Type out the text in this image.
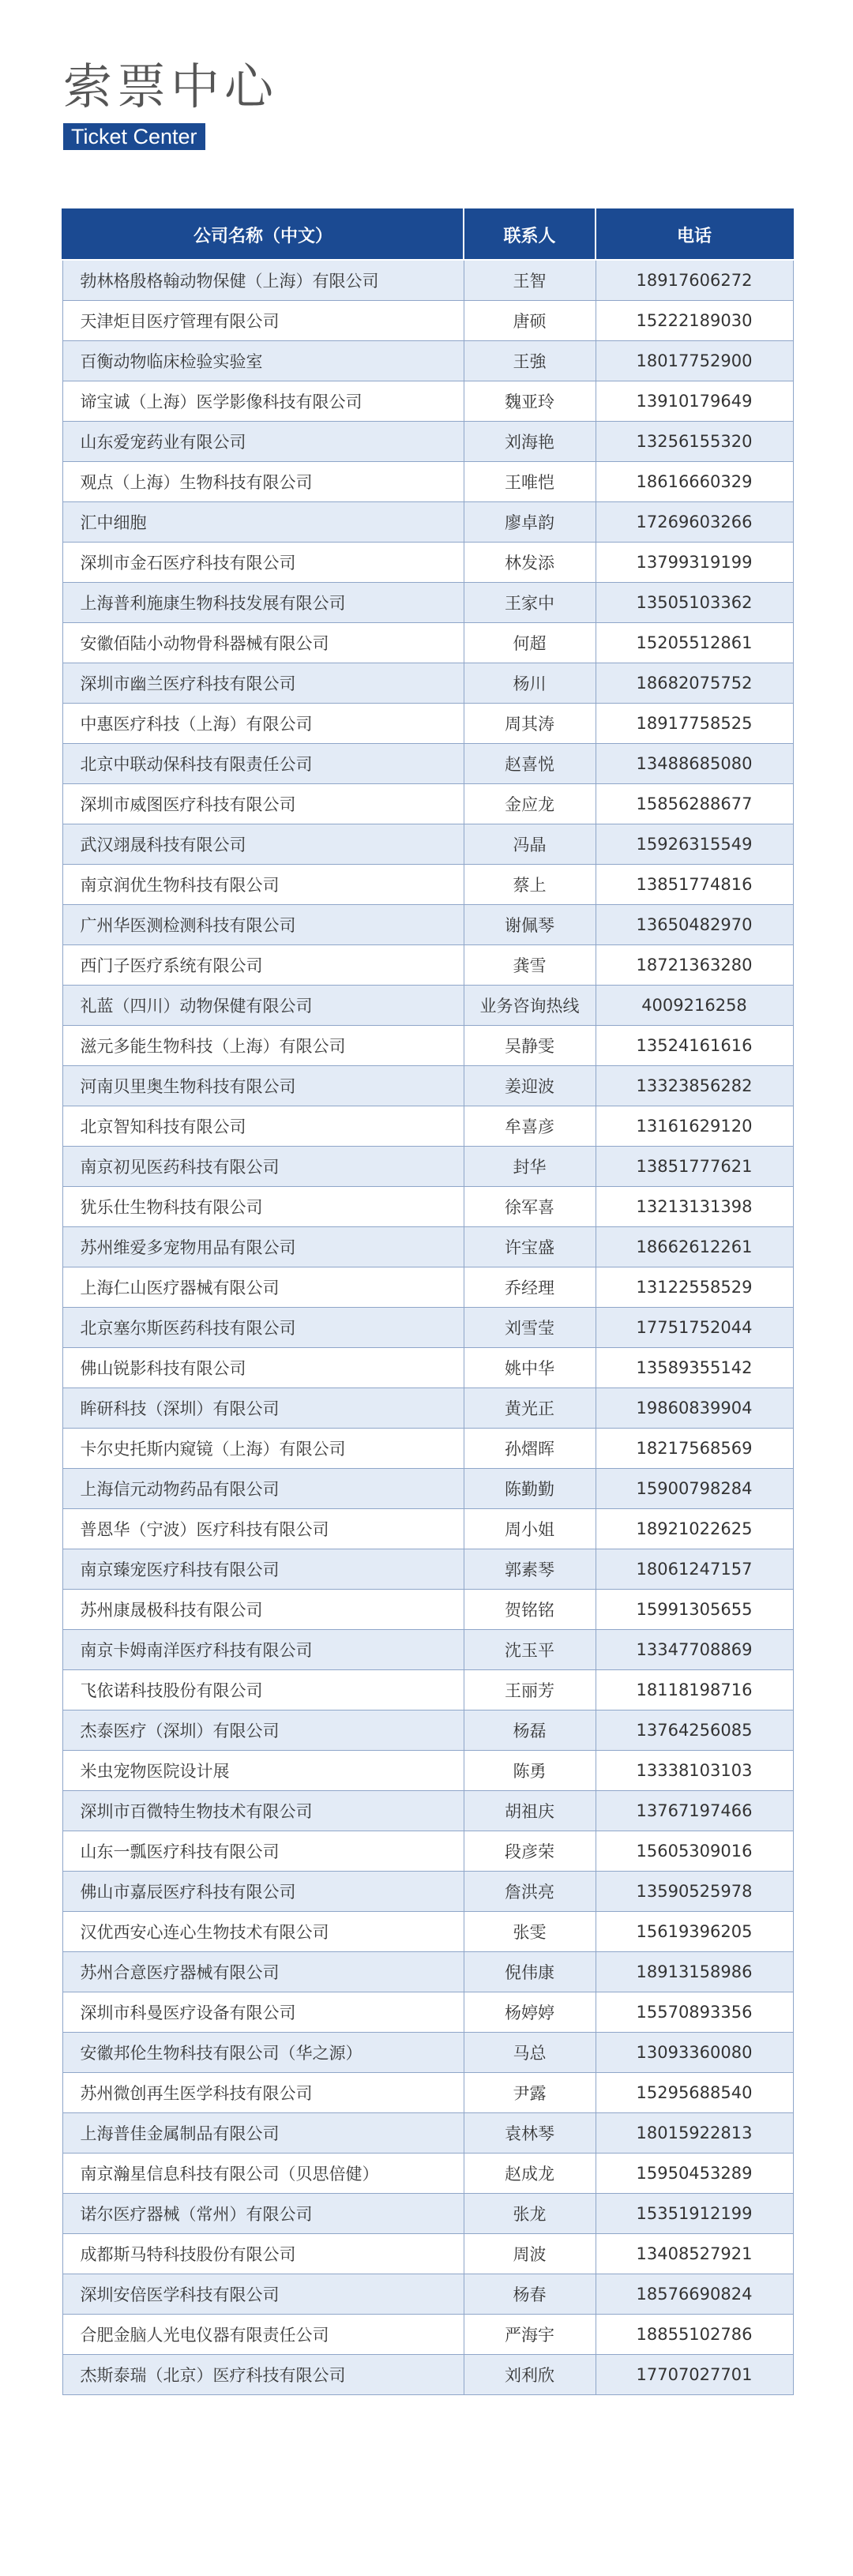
索票中心
Ticket Center
公司名称（中文）	联系人	电话
勃林格殷格翰动物保健（上海）有限公司	王智	18917606272
天津炬目医疗管理有限公司	唐硕	15222189030
百衡动物临床检验实验室	王強	18017752900
谛宝诚（上海）医学影像科技有限公司	魏亚玲	13910179649
山东爱宠药业有限公司	刘海艳	13256155320
观点（上海）生物科技有限公司	王唯恺	18616660329
汇中细胞	廖卓韵	17269603266
深圳市金石医疗科技有限公司	林发添	13799319199
上海普利施康生物科技发展有限公司	王家中	13505103362
安徽佰陆小动物骨科器械有限公司	何超	15205512861
深圳市幽兰医疗科技有限公司	杨川	18682075752
中惠医疗科技（上海）有限公司	周其涛	18917758525
北京中联动保科技有限责任公司	赵喜悦	13488685080
深圳市威图医疗科技有限公司	金应龙	15856288677
武汉翊晟科技有限公司	冯晶	15926315549
南京润优生物科技有限公司	蔡上	13851774816
广州华医测检测科技有限公司	谢佩琴	13650482970
西门子医疗系统有限公司	龚雪	18721363280
礼蓝（四川）动物保健有限公司	业务咨询热线	4009216258
滋元多能生物科技（上海）有限公司	吴静雯	13524161616
河南贝里奥生物科技有限公司	姜迎波	13323856282
北京智知科技有限公司	牟喜彦	13161629120
南京初见医药科技有限公司	封华	13851777621
犹乐仕生物科技有限公司	徐军喜	13213131398
苏州维爱多宠物用品有限公司	许宝盛	18662612261
上海仁山医疗器械有限公司	乔经理	13122558529
北京塞尔斯医药科技有限公司	刘雪莹	17751752044
佛山锐影科技有限公司	姚中华	13589355142
眸研科技（深圳）有限公司	黄光正	19860839904
卡尔史托斯内窥镜（上海）有限公司	孙熠晖	18217568569
上海信元动物药品有限公司	陈勤勤	15900798284
普恩华（宁波）医疗科技有限公司	周小姐	18921022625
南京臻宠医疗科技有限公司	郭素琴	18061247157
苏州康晟极科技有限公司	贺铭铭	15991305655
南京卡姆南洋医疗科技有限公司	沈玉平	13347708869
飞依诺科技股份有限公司	王丽芳	18118198716
杰泰医疗（深圳）有限公司	杨磊	13764256085
米虫宠物医院设计展	陈勇	13338103103
深圳市百微特生物技术有限公司	胡祖庆	13767197466
山东一瓢医疗科技有限公司	段彦荣	15605309016
佛山市嘉辰医疗科技有限公司	詹洪亮	13590525978
汉优西安心连心生物技术有限公司	张雯	15619396205
苏州合意医疗器械有限公司	倪伟康	18913158986
深圳市科曼医疗设备有限公司	杨婷婷	15570893356
安徽邦伦生物科技有限公司（华之源）	马总	13093360080
苏州微创再生医学科技有限公司	尹露	15295688540
上海普佳金属制品有限公司	袁林琴	18015922813
南京瀚星信息科技有限公司（贝思倍健）	赵成龙	15950453289
诺尔医疗器械（常州）有限公司	张龙	15351912199
成都斯马特科技股份有限公司	周波	13408527921
深圳安倍医学科技有限公司	杨春	18576690824
合肥金脑人光电仪器有限责任公司	严海宇	18855102786
杰斯泰瑞（北京）医疗科技有限公司	刘利欣	17707027701
